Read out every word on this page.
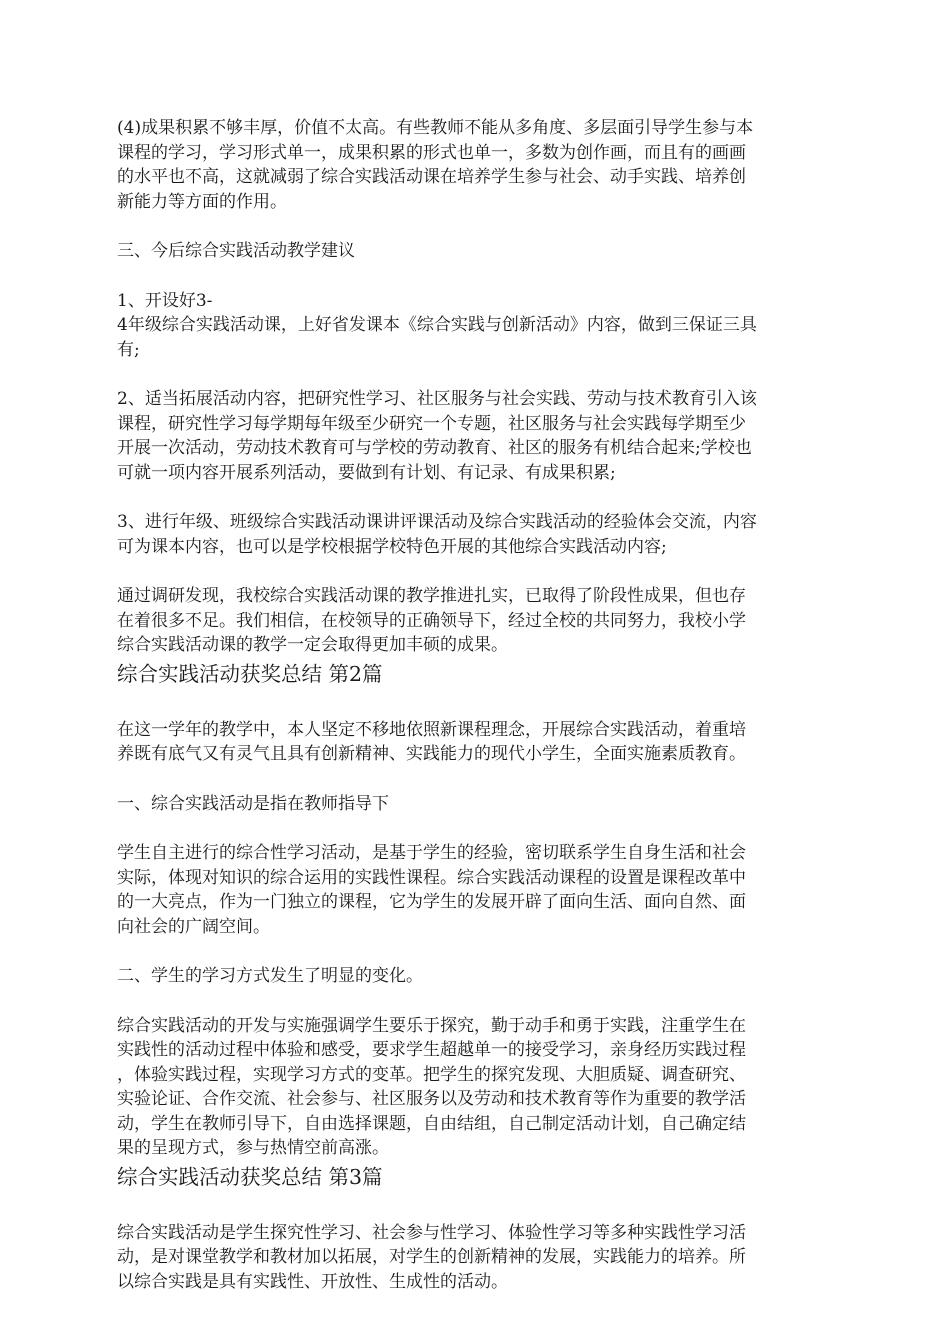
(4)成果积累不够丰厚，价值不太高。有些教师不能从多角度、多层面引导学生参与本
课程的学习，学习形式单一，成果积累的形式也单一，多数为创作画，而且有的画画
的水平也不高，这就减弱了综合实践活动课在培养学生参与社会、动手实践、培养创
新能力等方面的作用。

三、今后综合实践活动教学建议

1、开设好3-
4年级综合实践活动课，上好省发课本《综合实践与创新活动》内容，做到三保证三具
有;

2、适当拓展活动内容，把研究性学习、社区服务与社会实践、劳动与技术教育引入该
课程，研究性学习每学期每年级至少研究一个专题，社区服务与社会实践每学期至少
开展一次活动，劳动技术教育可与学校的劳动教育、社区的服务有机结合起来;学校也
可就一项内容开展系列活动，要做到有计划、有记录、有成果积累;

3、进行年级、班级综合实践活动课讲评课活动及综合实践活动的经验体会交流，内容
可为课本内容，也可以是学校根据学校特色开展的其他综合实践活动内容;

通过调研发现，我校综合实践活动课的教学推进扎实，已取得了阶段性成果，但也存
在着很多不足。我们相信，在校领导的正确领导下，经过全校的共同努力，我校小学
综合实践活动课的教学一定会取得更加丰硕的成果。

综合实践活动获奖总结 第2篇

在这一学年的教学中，本人坚定不移地依照新课程理念，开展综合实践活动，着重培
养既有底气又有灵气且具有创新精神、实践能力的现代小学生，全面实施素质教育。

一、综合实践活动是指在教师指导下

学生自主进行的综合性学习活动，是基于学生的经验，密切联系学生自身生活和社会
实际，体现对知识的综合运用的实践性课程。综合实践活动课程的设置是课程改革中
的一大亮点，作为一门独立的课程，它为学生的发展开辟了面向生活、面向自然、面
向社会的广阔空间。

二、学生的学习方式发生了明显的变化。

综合实践活动的开发与实施强调学生要乐于探究，勤于动手和勇于实践，注重学生在
实践性的活动过程中体验和感受，要求学生超越单一的接受学习，亲身经历实践过程
，体验实践过程，实现学习方式的变革。把学生的探究发现、大胆质疑、调查研究、
实验论证、合作交流、社会参与、社区服务以及劳动和技术教育等作为重要的教学活
动，学生在教师引导下，自由选择课题，自由结组，自己制定活动计划，自己确定结
果的呈现方式，参与热情空前高涨。

综合实践活动获奖总结 第3篇

综合实践活动是学生探究性学习、社会参与性学习、体验性学习等多种实践性学习活
动，是对课堂教学和教材加以拓展，对学生的创新精神的发展，实践能力的培养。所
以综合实践是具有实践性、开放性、生成性的活动。
